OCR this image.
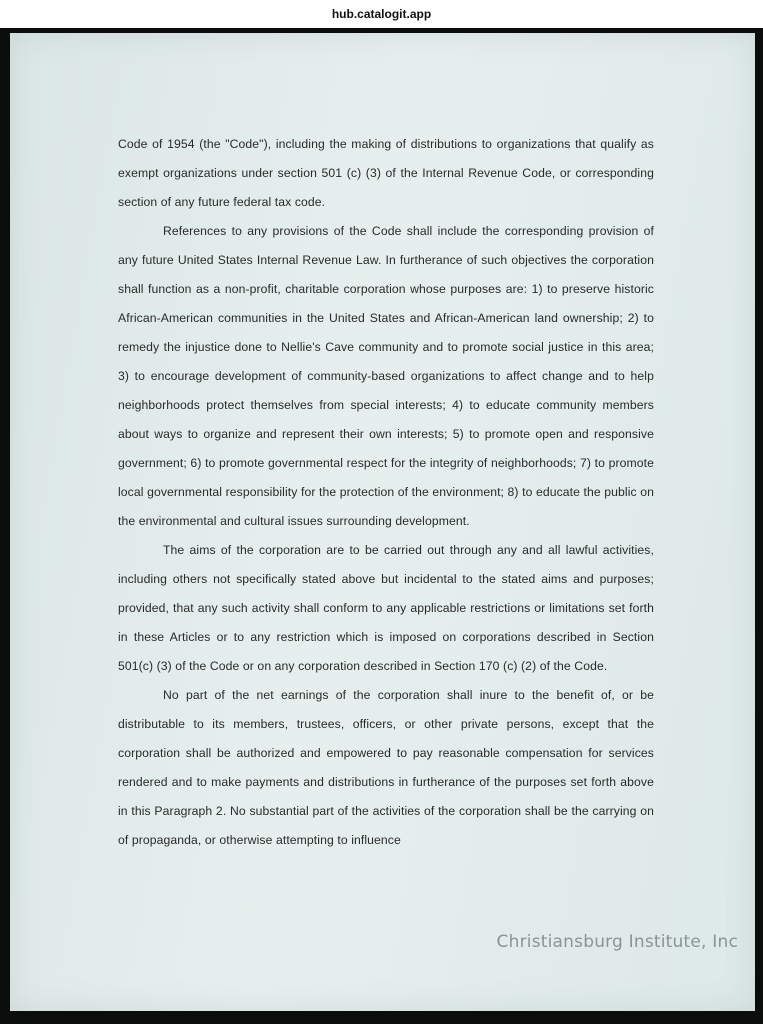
hub.catalogit.app

Code of 1954 (the "Code"), including the making of distributions to organizations that qualify as exempt organizations under section 501 (c) (3) of the Internal Revenue Code, or corresponding section of any future federal tax code.

References to any provisions of the Code shall include the corresponding provision of any future United States Internal Revenue Law. In furtherance of such objectives the corporation shall function as a non-profit, charitable corporation whose purposes are: 1) to preserve historic African-American communities in the United States and African-American land ownership; 2) to remedy the injustice done to Nellie's Cave community and to promote social justice in this area; 3) to encourage development of community-based organizations to affect change and to help neighborhoods protect themselves from special interests; 4) to educate community members about ways to organize and represent their own interests; 5) to promote open and responsive government; 6) to promote governmental respect for the integrity of neighborhoods; 7) to promote local governmental responsibility for the protection of the environment; 8) to educate the public on the environmental and cultural issues surrounding development.

The aims of the corporation are to be carried out through any and all lawful activities, including others not specifically stated above but incidental to the stated aims and purposes; provided, that any such activity shall conform to any applicable restrictions or limitations set forth in these Articles or to any restriction which is imposed on corporations described in Section 501(c) (3) of the Code or on any corporation described in Section 170 (c) (2) of the Code.

No part of the net earnings of the corporation shall inure to the benefit of, or be distributable to its members, trustees, officers, or other private persons, except that the corporation shall be authorized and empowered to pay reasonable compensation for services rendered and to make payments and distributions in furtherance of the purposes set forth above in this Paragraph 2. No substantial part of the activities of the corporation shall be the carrying on of propaganda, or otherwise attempting to influence

Christiansburg Institute, Inc
